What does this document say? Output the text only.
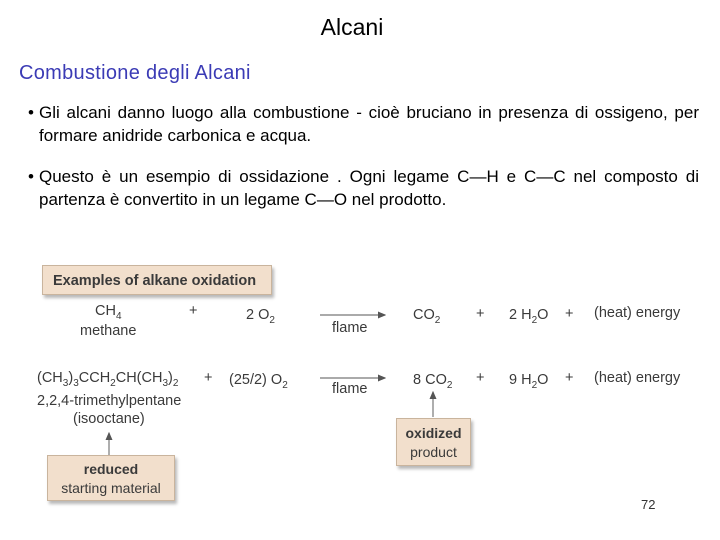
Alcani
Combustione degli Alcani
• Gli alcani danno luogo alla combustione - cioè bruciano in presenza di ossigeno, per formare anidride carbonica e acqua.
• Questo è un esempio di ossidazione . Ogni legame C—H e C—C nel composto di partenza è convertito in un legame C—O nel prodotto.
Examples of alkane oxidation
$CH_4$
methane
+	2 $O_2$	flame
$CO_2 + 2$ $H_2O$ + (heat) energy
$(CH_3)_3CCH_2CH(CH_3)_2$
2,2,4-trimethylpentane
(isooctane)
+ (25/2) $O_2$	flame
8 $CO_2 + 9$ $H_2O$ + (heat) energy
oxidized
product
reduced
starting material
72
